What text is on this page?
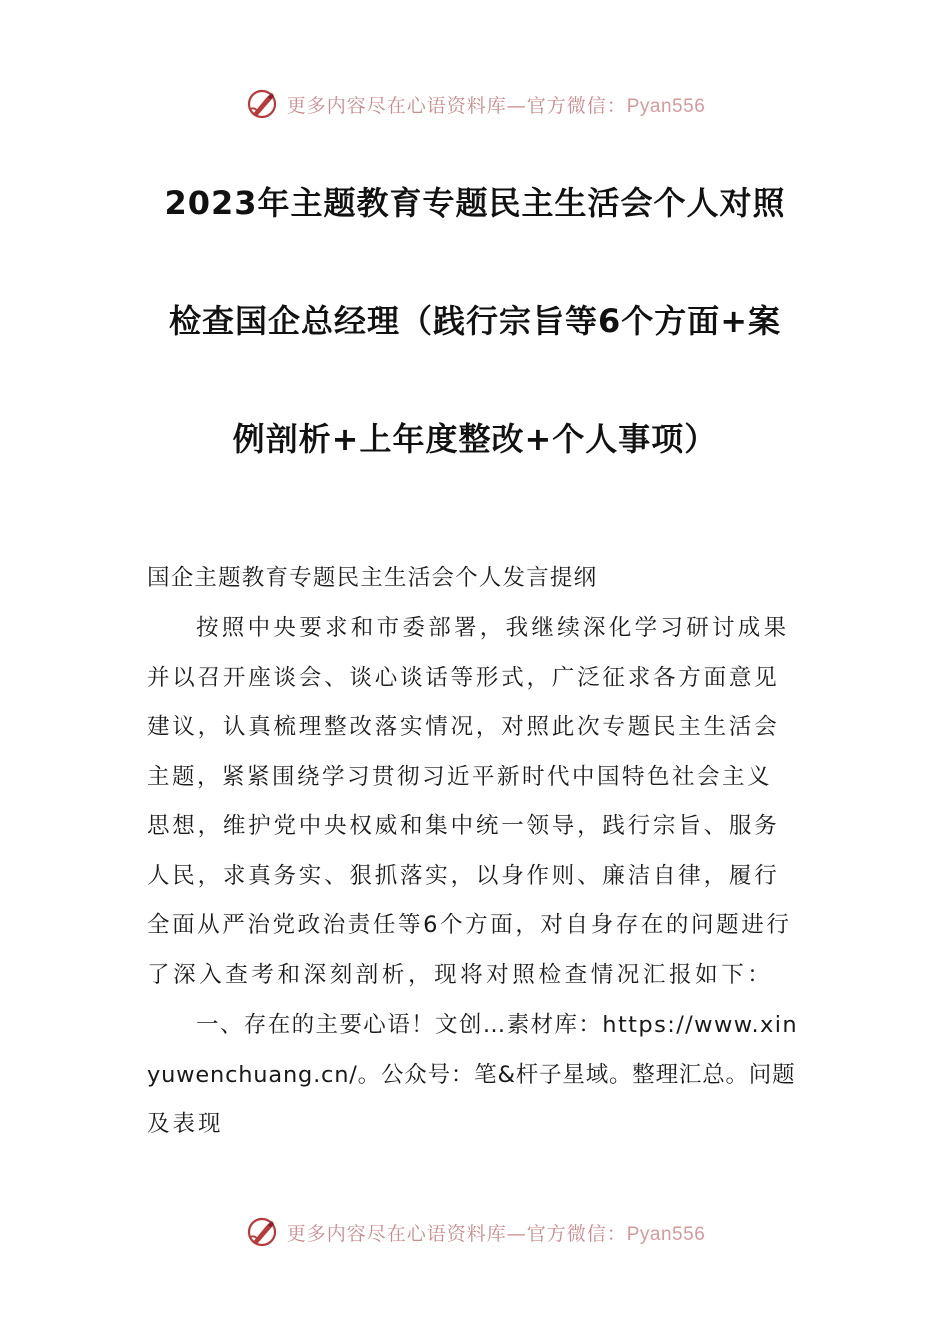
更多内容尽在心语资料库—官方微信：Pyan556
2023年主题教育专题民主生活会个人对照
检查国企总经理（践行宗旨等6个方面+案
例剖析+上年度整改+个人事项）
国企主题教育专题民主生活会个人发言提纲
按照中央要求和市委部署，我继续深化学习研讨成果
并以召开座谈会、谈心谈话等形式，广泛征求各方面意见
建议，认真梳理整改落实情况，对照此次专题民主生活会
主题，紧紧围绕学习贯彻习近平新时代中国特色社会主义
思想，维护党中央权威和集中统一领导，践行宗旨、服务
人民，求真务实、狠抓落实，以身作则、廉洁自律，履行
全面从严治党政治责任等6个方面，对自身存在的问题进行
了深入查考和深刻剖析，现将对照检查情况汇报如下：
一、存在的主要心语！文创…素材库：https://www.xin
yuwenchuang.cn/。公众号：笔&杆子星域。整理汇总。问题
及表现
更多内容尽在心语资料库—官方微信：Pyan556
